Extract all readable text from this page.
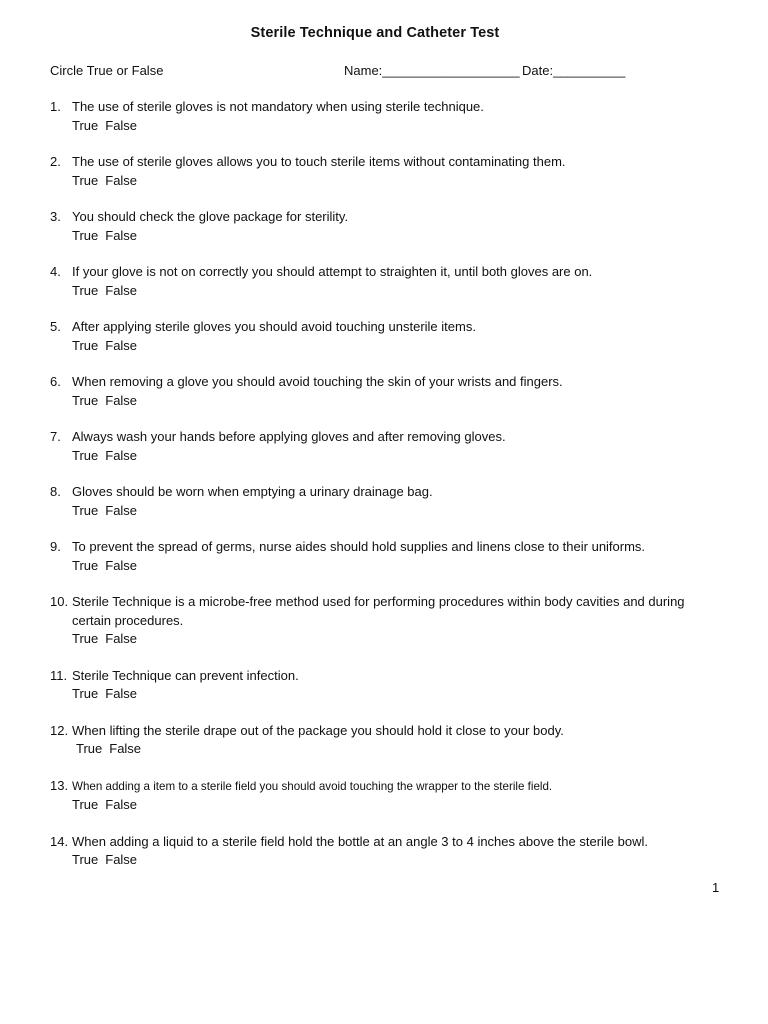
Sterile Technique and Catheter Test
Circle True or False	Name:___________________ Date:__________
1. The use of sterile gloves is not mandatory when using sterile technique.
True False
2. The use of sterile gloves allows you to touch sterile items without contaminating them.
True False
3. You should check the glove package for sterility.
True False
4. If your glove is not on correctly you should attempt to straighten it, until both gloves are on.
True False
5. After applying sterile gloves you should avoid touching unsterile items.
True False
6. When removing a glove you should avoid touching the skin of your wrists and fingers.
True False
7. Always wash your hands before applying gloves and after removing gloves.
True False
8. Gloves should be worn when emptying a urinary drainage bag.
True False
9. To prevent the spread of germs, nurse aides should hold supplies and linens close to their uniforms.
True False
10. Sterile Technique is a microbe-free method used for performing procedures within body cavities and during certain procedures.
True False
11. Sterile Technique can prevent infection.
True False
12. When lifting the sterile drape out of the package you should hold it close to your body.
True False
13. When adding a item to a sterile field you should avoid touching the wrapper to the sterile field.
True False
14. When adding a liquid to a sterile field hold the bottle at an angle 3 to 4 inches above the sterile bowl.
True False
1
